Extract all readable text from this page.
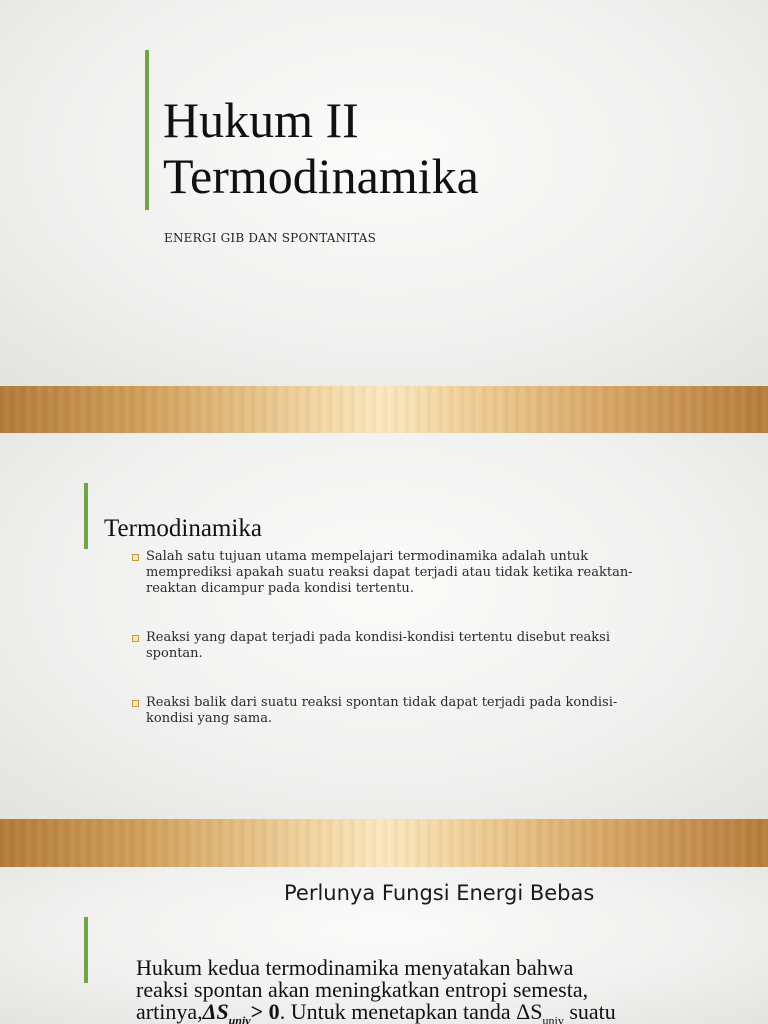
Hukum II
Termodinamika

ENERGI GIB DAN SPONTANITAS

Termodinamika
Salah satu tujuan utama mempelajari termodinamika adalah untuk memprediksi apakah suatu reaksi dapat terjadi atau tidak ketika reaktan-reaktan dicampur pada kondisi tertentu.
Reaksi yang dapat terjadi pada kondisi-kondisi tertentu disebut reaksi spontan.
Reaksi balik dari suatu reaksi spontan tidak dapat terjadi pada kondisi-kondisi yang sama.
Perlunya Fungsi Energi Bebas

Hukum kedua termodinamika menyatakan bahwa
reaksi spontan akan meningkatkan entropi semesta,
$artinya,\Delta S_{univ}> 0$. Untuk menetapkan tanda $\Delta S_{univ}$ suatu
